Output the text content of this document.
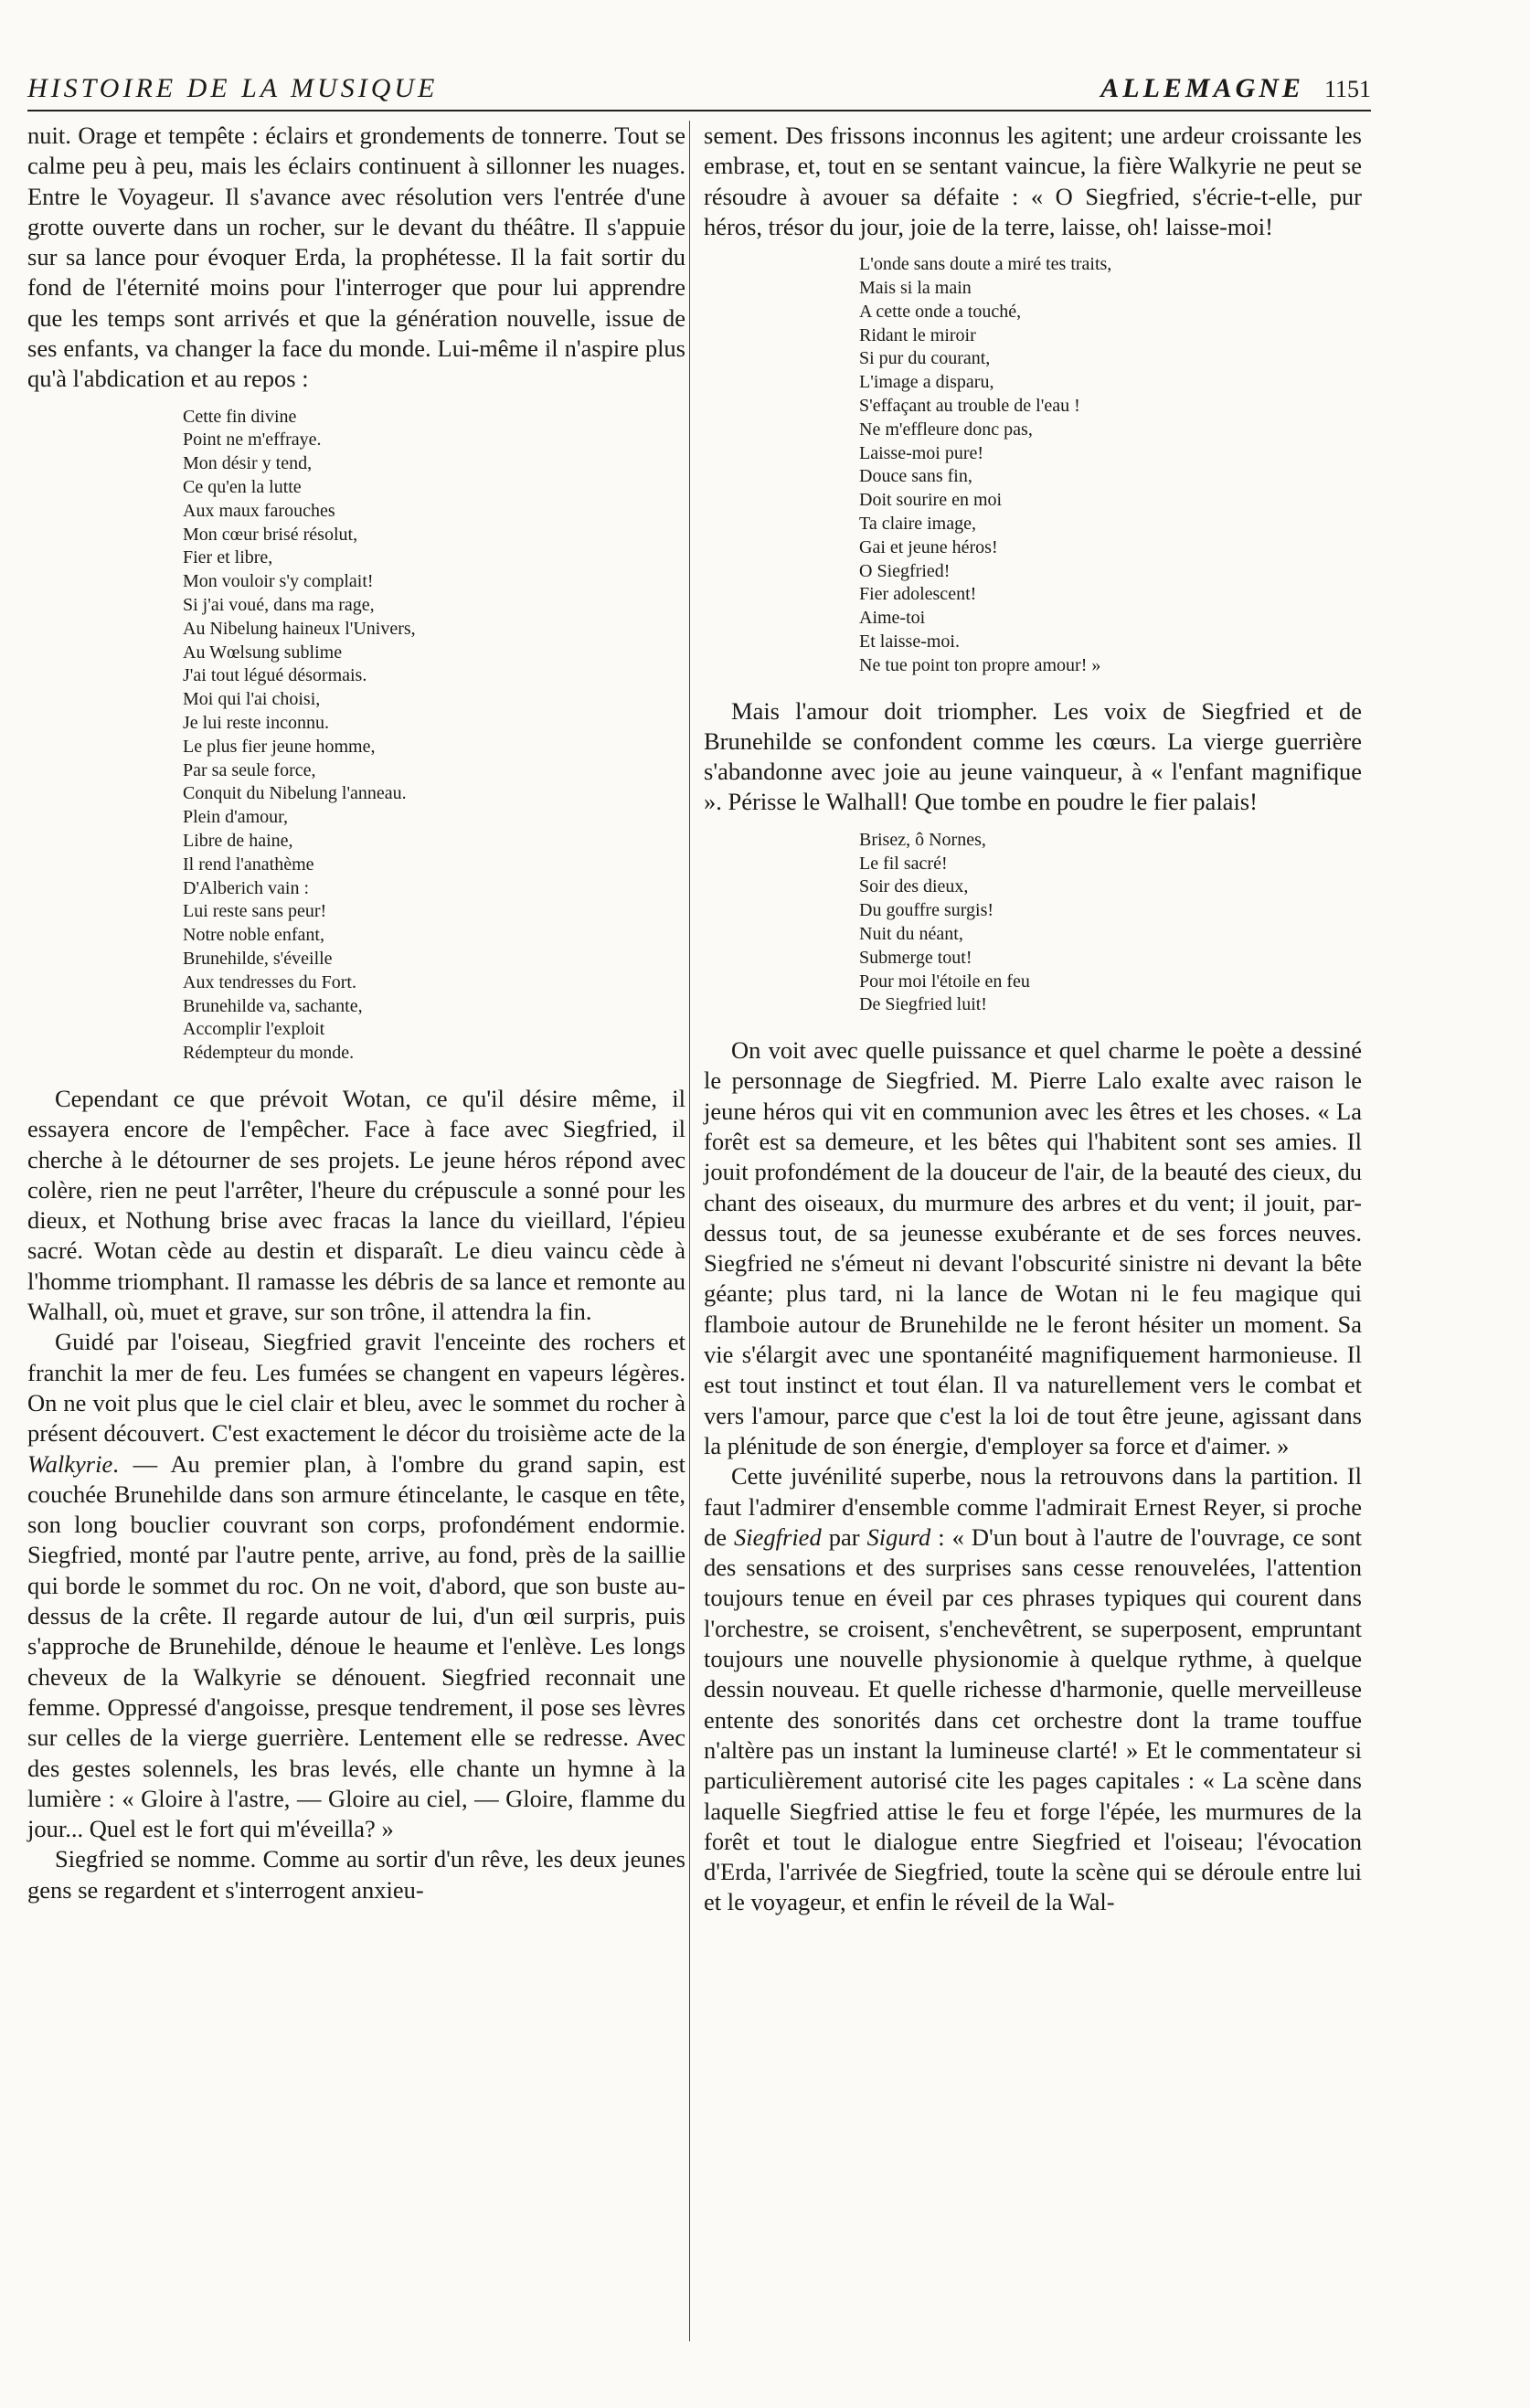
HISTOIRE DE LA MUSIQUE	ALLEMAGNE 1151

nuit. Orage et tempête : éclairs et grondements de tonnerre. Tout se calme peu à peu, mais les éclairs continuent à sillonner les nuages. Entre le Voyageur. Il s'avance avec résolution vers l'entrée d'une grotte ouverte dans un rocher, sur le devant du théâtre. Il s'appuie sur sa lance pour évoquer Erda, la prophétesse. Il la fait sortir du fond de l'éternité moins pour l'interroger que pour lui apprendre que les temps sont arrivés et que la génération nouvelle, issue de ses enfants, va changer la face du monde. Lui-même il n'aspire plus qu'à l'abdication et au repos :

Cette fin divine
Point ne m'effraye.
Mon désir y tend,
Ce qu'en la lutte
Aux maux farouches
Mon cœur brisé résolut,
Fier et libre,
Mon vouloir s'y complait!
Si j'ai voué, dans ma rage,
Au Nibelung haineux l'Univers,
Au Wœlsung sublime
J'ai tout légué désormais.
Moi qui l'ai choisi,
Je lui reste inconnu.
Le plus fier jeune homme,
Par sa seule force,
Conquit du Nibelung l'anneau.
Plein d'amour,
Libre de haine,
Il rend l'anathème
D'Alberich vain :
Lui reste sans peur!
Notre noble enfant,
Brunehilde, s'éveille
Aux tendresses du Fort.
Brunehilde va, sachante,
Accomplir l'exploit
Rédempteur du monde.

Cependant ce que prévoit Wotan, ce qu'il désire même, il essayera encore de l'empêcher. Face à face avec Siegfried, il cherche à le détourner de ses projets. Le jeune héros répond avec colère, rien ne peut l'arrêter, l'heure du crépuscule a sonné pour les dieux, et Nothung brise avec fracas la lance du vieillard, l'épieu sacré. Wotan cède au destin et disparaît. Le dieu vaincu cède à l'homme triomphant. Il ramasse les débris de sa lance et remonte au Walhall, où, muet et grave, sur son trône, il attendra la fin.

Guidé par l'oiseau, Siegfried gravit l'enceinte des rochers et franchit la mer de feu. Les fumées se changent en vapeurs légères. On ne voit plus que le ciel clair et bleu, avec le sommet du rocher à présent découvert. C'est exactement le décor du troisième acte de la Walkyrie. — Au premier plan, à l'ombre du grand sapin, est couchée Brunehilde dans son armure étincelante, le casque en tête, son long bouclier couvrant son corps, profondément endormie. Siegfried, monté par l'autre pente, arrive, au fond, près de la saillie qui borde le sommet du roc. On ne voit, d'abord, que son buste au-dessus de la crête. Il regarde autour de lui, d'un œil surpris, puis s'approche de Brunehilde, dénoue le heaume et l'enlève. Les longs cheveux de la Walkyrie se dénouent. Siegfried reconnait une femme. Oppressé d'angoisse, presque tendrement, il pose ses lèvres sur celles de la vierge guerrière. Lentement elle se redresse. Avec des gestes solennels, les bras levés, elle chante un hymne à la lumière : « Gloire à l'astre, — Gloire au ciel, — Gloire, flamme du jour... Quel est le fort qui m'éveilla? »

Siegfried se nomme. Comme au sortir d'un rêve, les deux jeunes gens se regardent et s'interrogent anxieu-

sement. Des frissons inconnus les agitent; une ardeur croissante les embrase, et, tout en se sentant vaincue, la fière Walkyrie ne peut se résoudre à avouer sa défaite : « O Siegfried, s'écrie-t-elle, pur héros, trésor du jour, joie de la terre, laisse, oh! laisse-moi!

L'onde sans doute a miré tes traits,
Mais si la main
A cette onde a touché,
Ridant le miroir
Si pur du courant,
L'image a disparu,
S'effaçant au trouble de l'eau !
Ne m'effleure donc pas,
Laisse-moi pure!
Douce sans fin,
Doit sourire en moi
Ta claire image,
Gai et jeune héros!
O Siegfried!
Fier adolescent!
Aime-toi
Et laisse-moi.
Ne tue point ton propre amour! »

Mais l'amour doit triompher. Les voix de Siegfried et de Brunehilde se confondent comme les cœurs. La vierge guerrière s'abandonne avec joie au jeune vainqueur, à « l'enfant magnifique ». Périsse le Walhall! Que tombe en poudre le fier palais!

Brisez, ô Nornes,
Le fil sacré!
Soir des dieux,
Du gouffre surgis!
Nuit du néant,
Submerge tout!
Pour moi l'étoile en feu
De Siegfried luit!

On voit avec quelle puissance et quel charme le poète a dessiné le personnage de Siegfried. M. Pierre Lalo exalte avec raison le jeune héros qui vit en communion avec les êtres et les choses. « La forêt est sa demeure, et les bêtes qui l'habitent sont ses amies. Il jouit profondément de la douceur de l'air, de la beauté des cieux, du chant des oiseaux, du murmure des arbres et du vent; il jouit, par-dessus tout, de sa jeunesse exubérante et de ses forces neuves. Siegfried ne s'émeut ni devant l'obscurité sinistre ni devant la bête géante; plus tard, ni la lance de Wotan ni le feu magique qui flamboie autour de Brunehilde ne le feront hésiter un moment. Sa vie s'élargit avec une spontanéité magnifiquement harmonieuse. Il est tout instinct et tout élan. Il va naturellement vers le combat et vers l'amour, parce que c'est la loi de tout être jeune, agissant dans la plénitude de son énergie, d'employer sa force et d'aimer. »

Cette juvénilité superbe, nous la retrouvons dans la partition. Il faut l'admirer d'ensemble comme l'admirait Ernest Reyer, si proche de Siegfried par Sigurd : « D'un bout à l'autre de l'ouvrage, ce sont des sensations et des surprises sans cesse renouvelées, l'attention toujours tenue en éveil par ces phrases typiques qui courent dans l'orchestre, se croisent, s'enchevêtrent, se superposent, empruntant toujours une nouvelle physionomie à quelque rythme, à quelque dessin nouveau. Et quelle richesse d'harmonie, quelle merveilleuse entente des sonorités dans cet orchestre dont la trame touffue n'altère pas un instant la lumineuse clarté! » Et le commentateur si particulièrement autorisé cite les pages capitales : « La scène dans laquelle Siegfried attise le feu et forge l'épée, les murmures de la forêt et tout le dialogue entre Siegfried et l'oiseau; l'évocation d'Erda, l'arrivée de Siegfried, toute la scène qui se déroule entre lui et le voyageur, et enfin le réveil de la Wal-
